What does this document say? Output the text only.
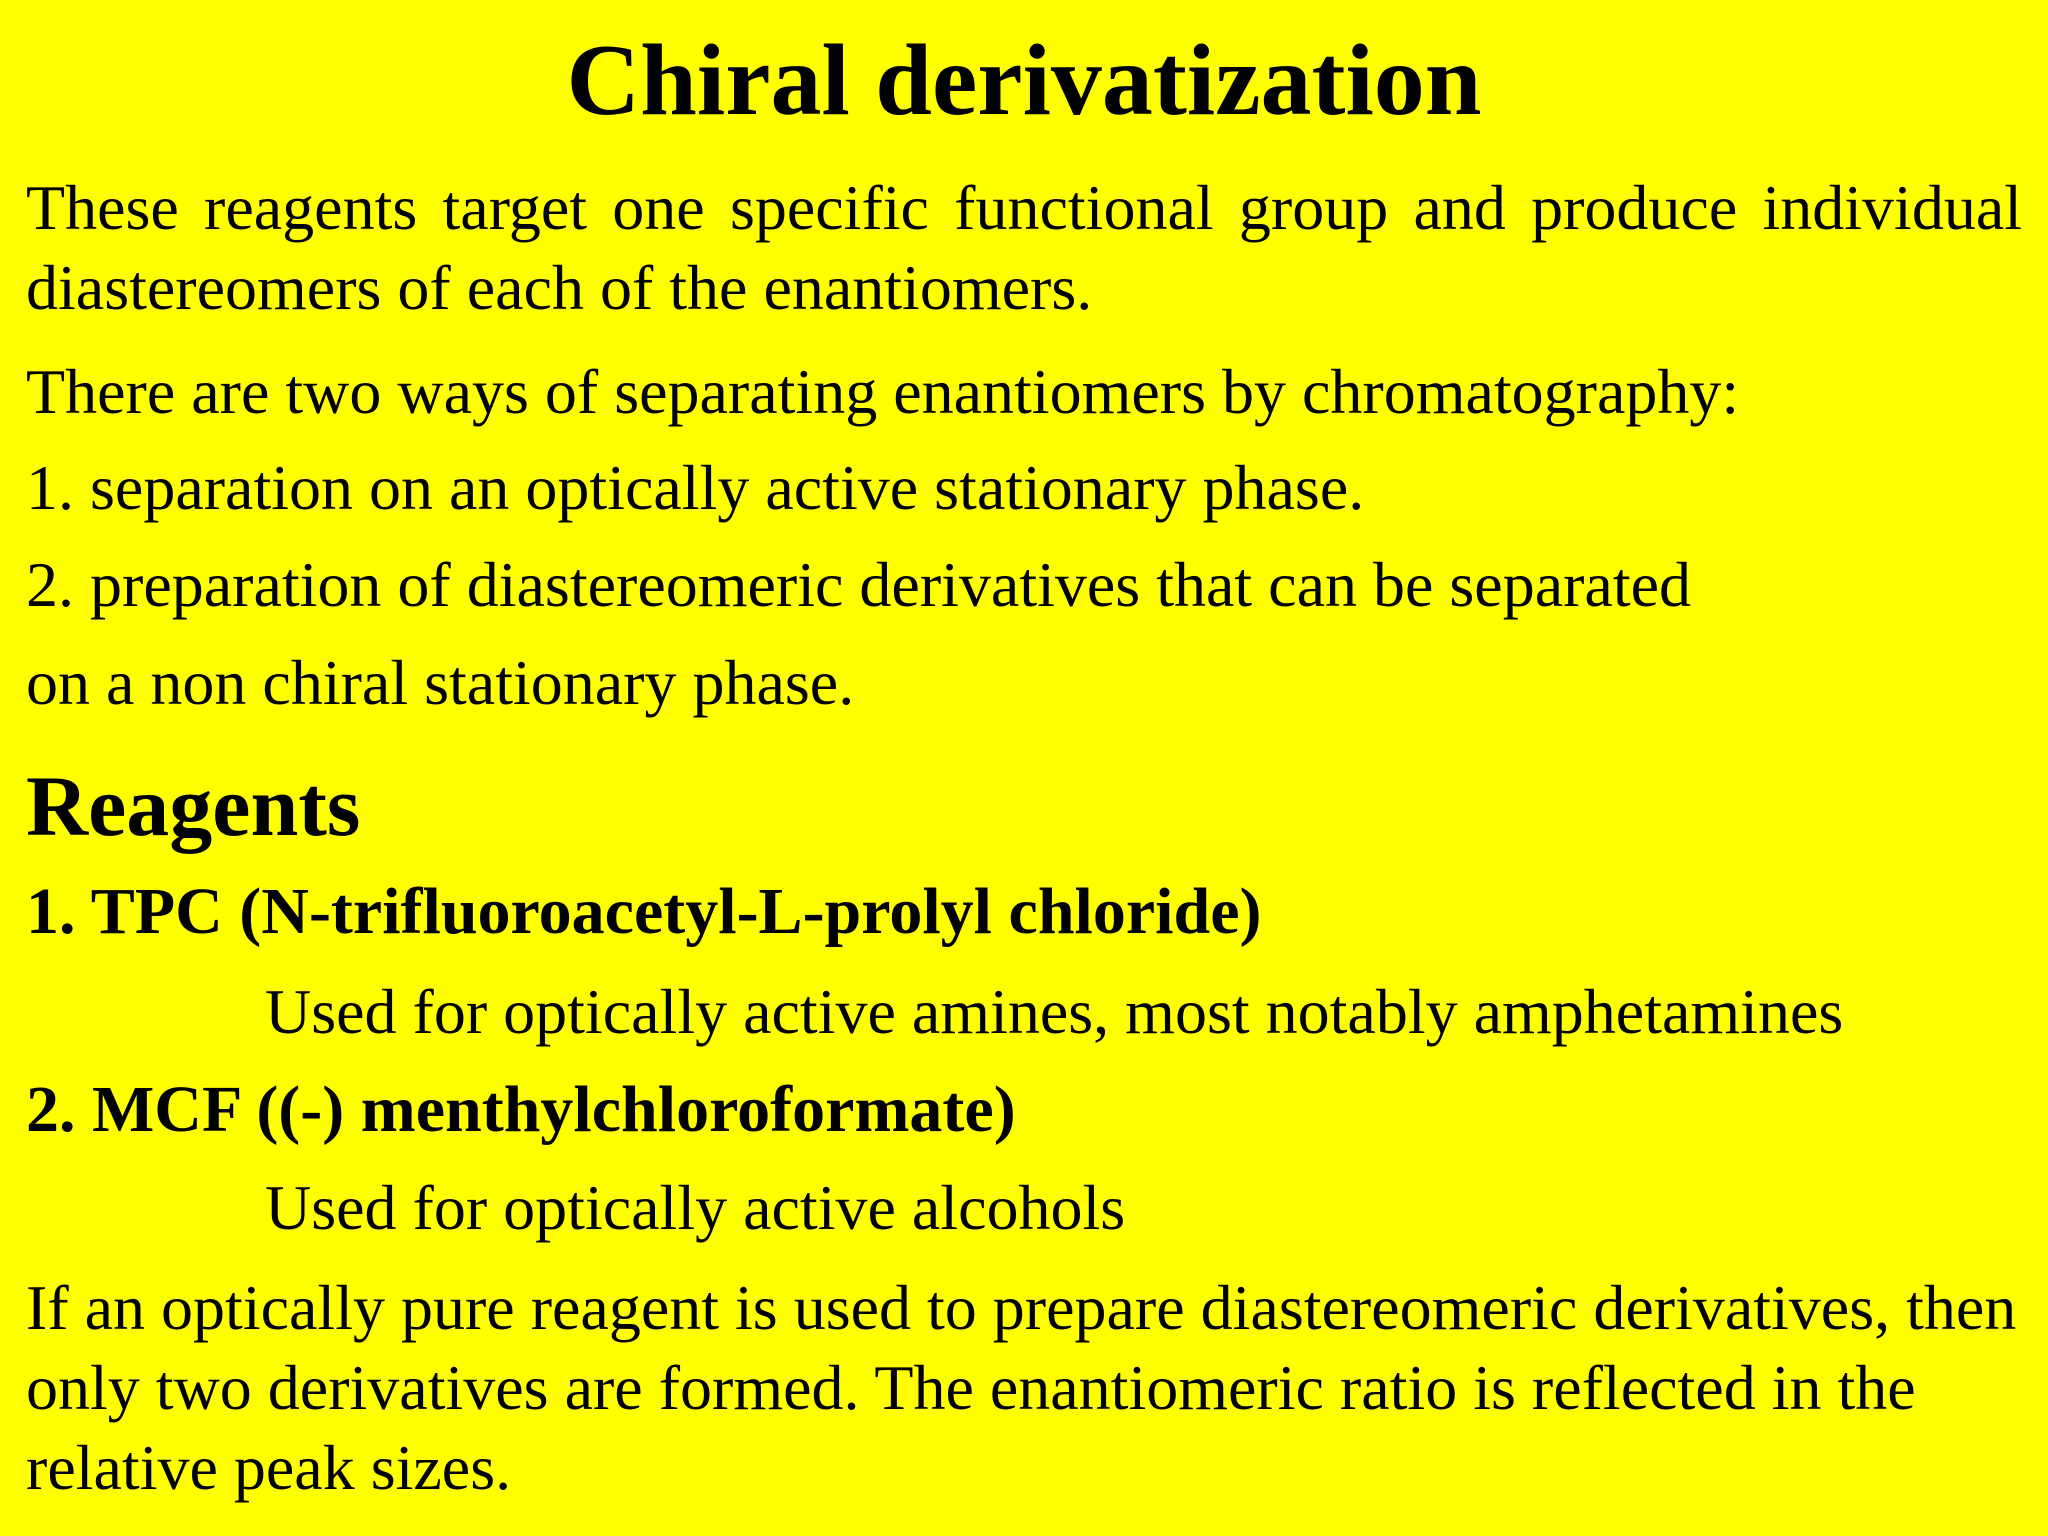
Chiral derivatization

These reagents target one specific functional group and produce individual diastereomers of each of the enantiomers.

There are two ways of separating enantiomers by chromatography:

1. separation on an optically active stationary phase.

2. preparation of diastereomeric derivatives that can be separated

on a non chiral stationary phase.

Reagents

1. TPC (N-trifluoroacetyl-L-prolyl chloride)

Used for optically active amines, most notably amphetamines

2. MCF ((-) menthylchloroformate)

Used for optically active alcohols

If an optically pure reagent is used to prepare diastereomeric derivatives, then only two derivatives are formed. The enantiomeric ratio is reflected in the relative peak sizes.
